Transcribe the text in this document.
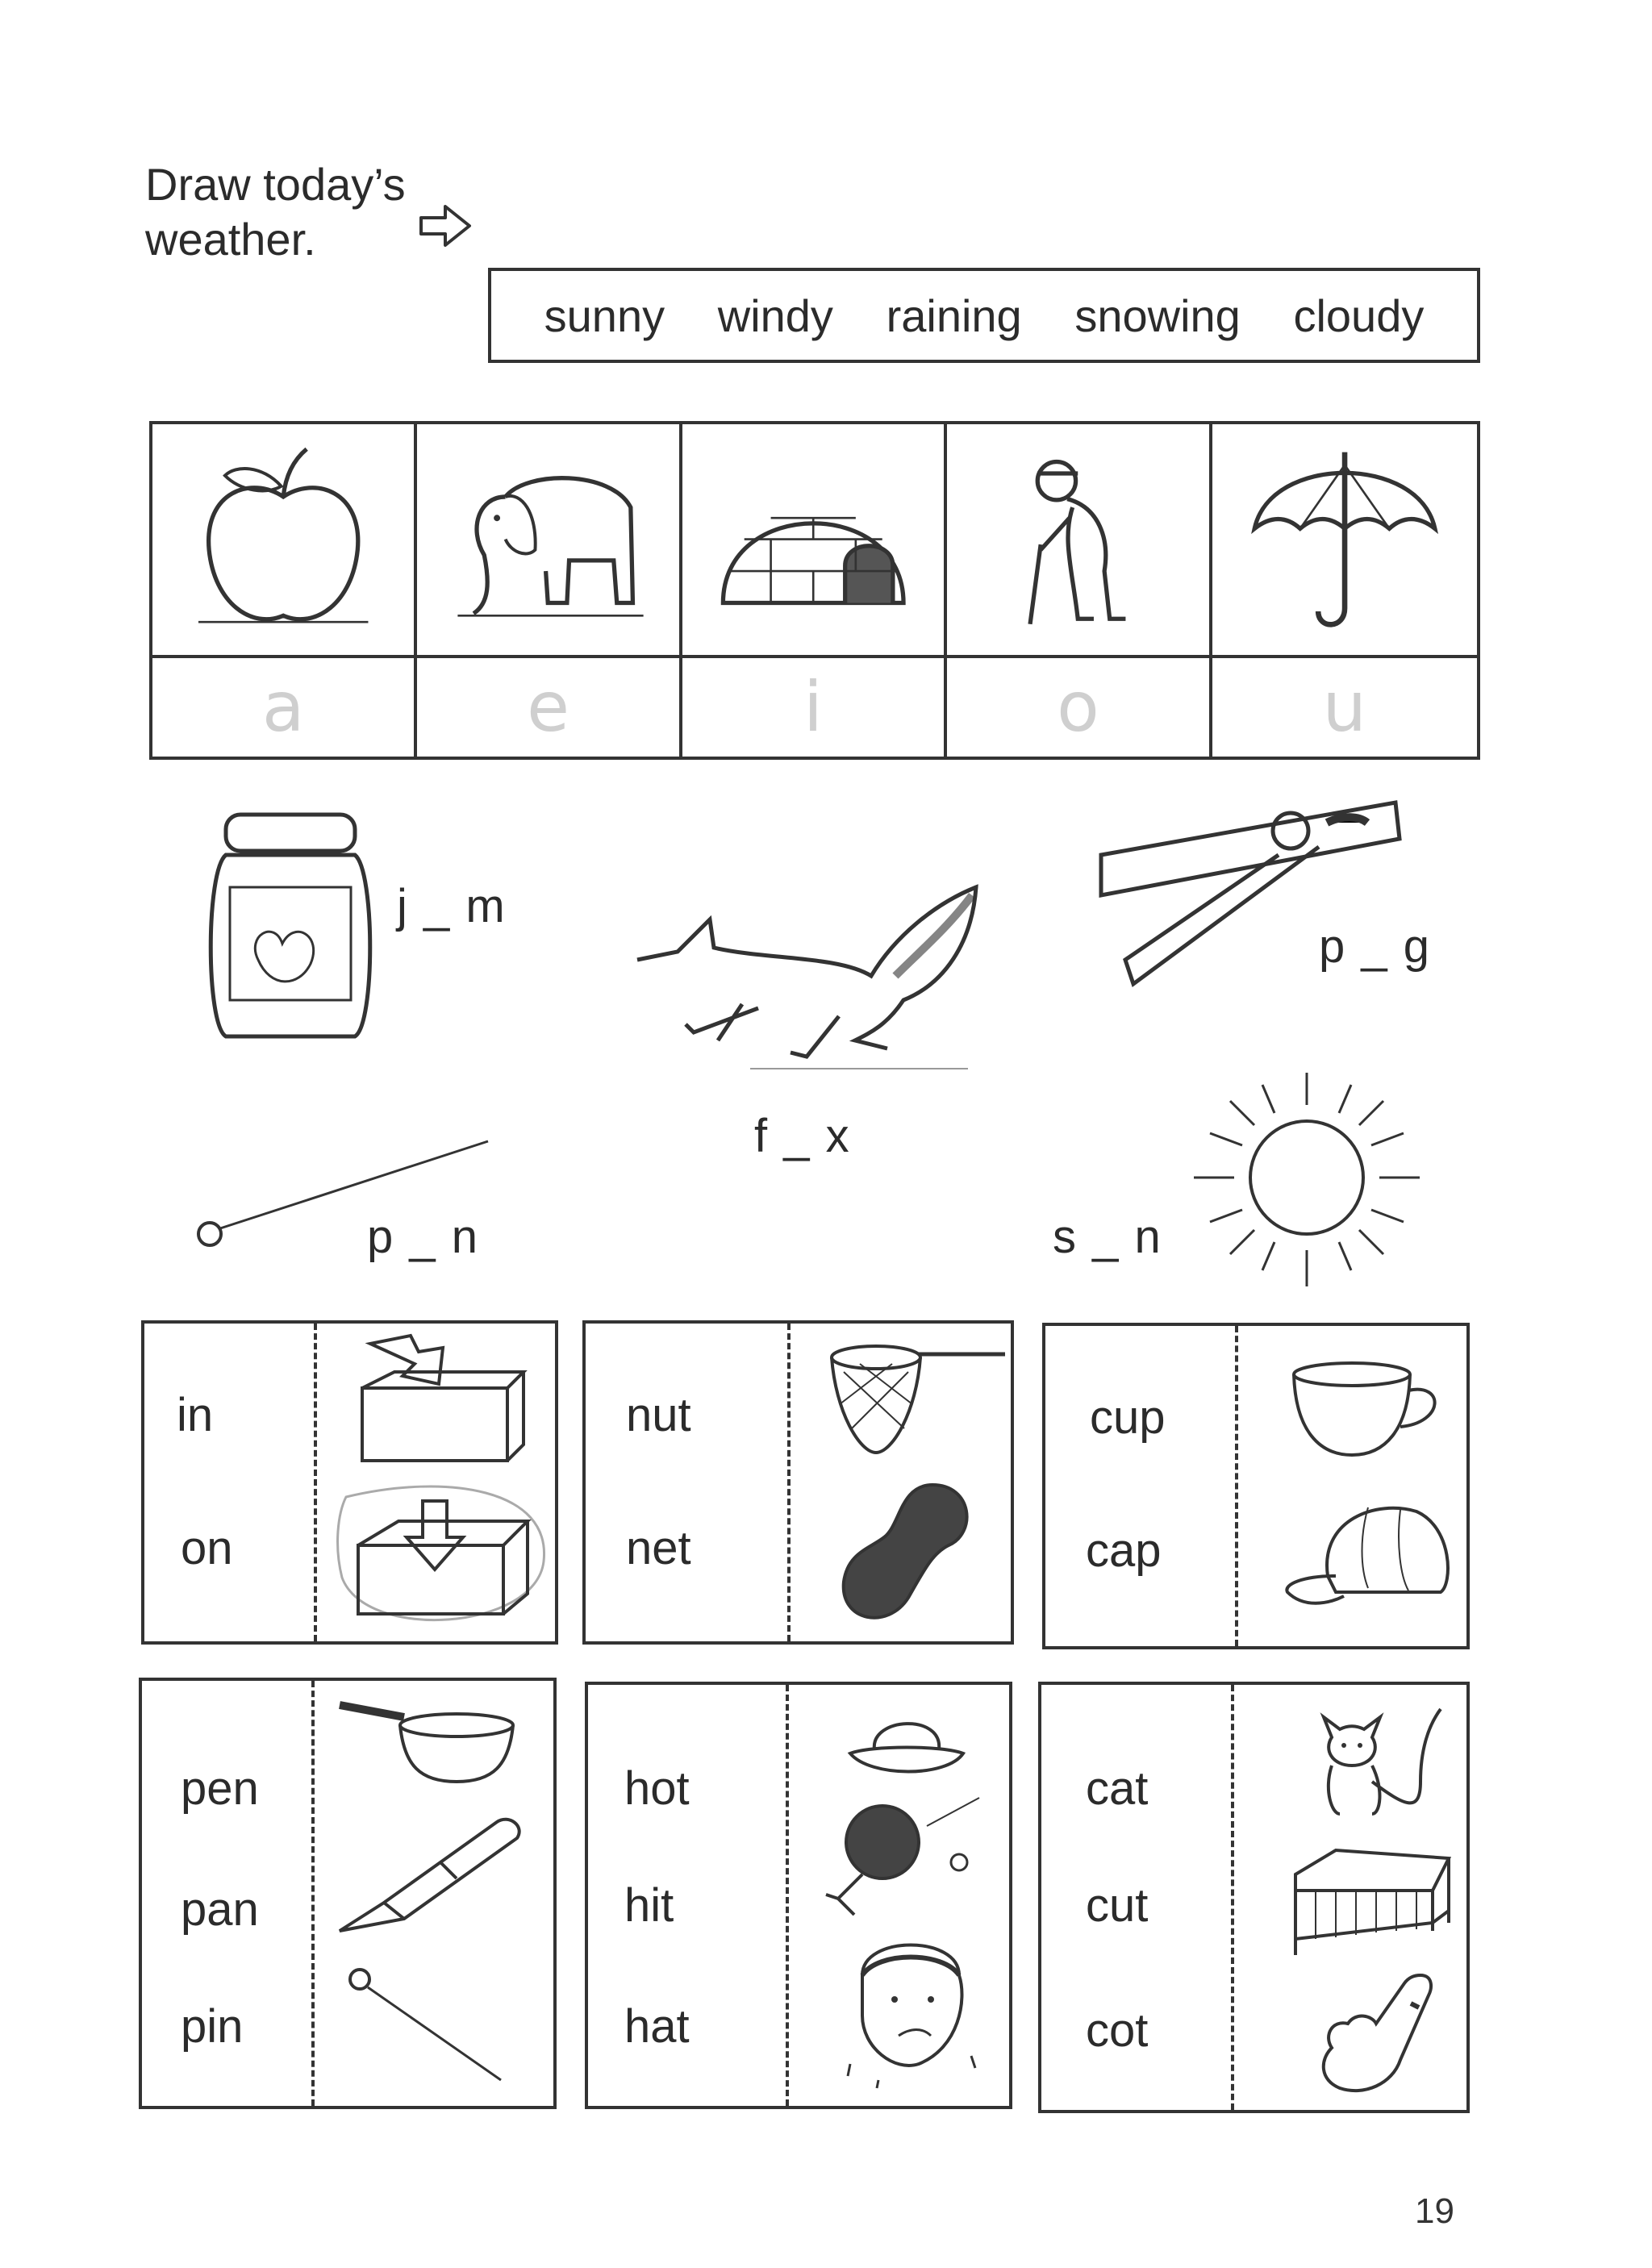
Draw today’s
weather.
sunny windy raining snowing cloudy
a	e	i	o	u
j _ m
f _ x
p _ g
p _ n	s _ n
in
on
nut
net
cup
cap
pen
pan
pin
hot
hit
hat
cat
cut
cot
19
